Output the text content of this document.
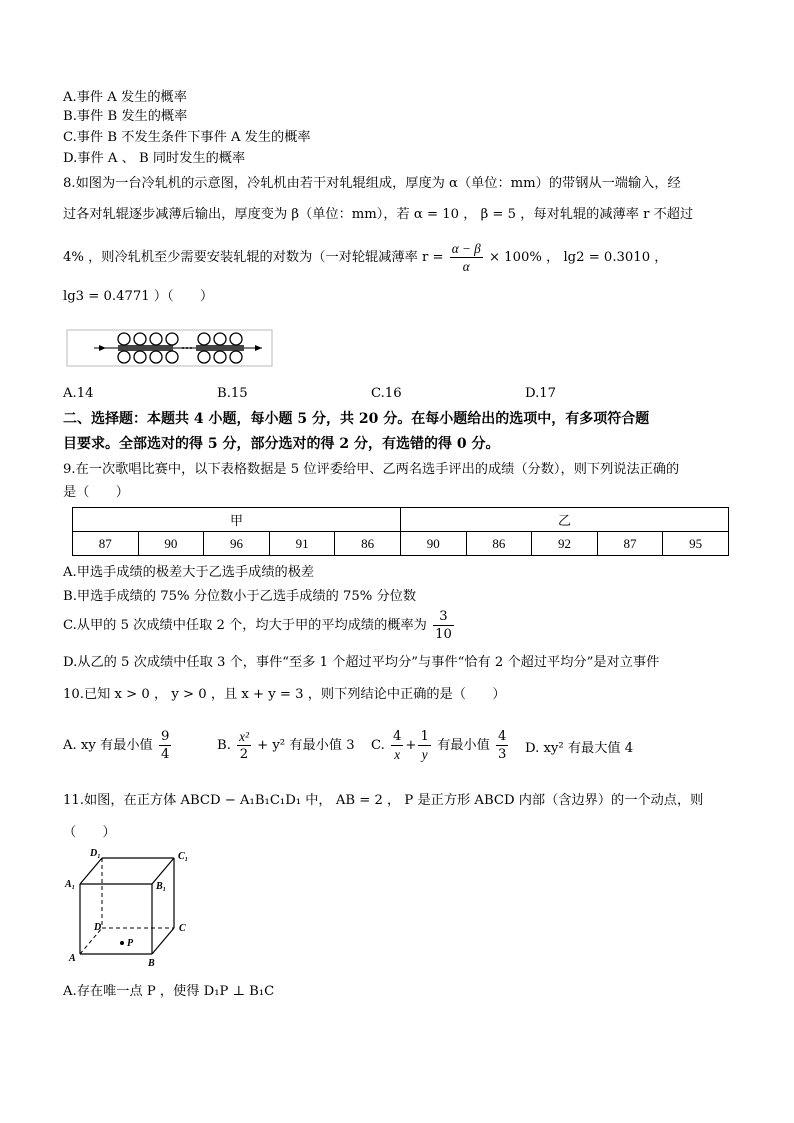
A.事件 A 发生的概率
B.事件 B 发生的概率
C.事件 B 不发生条件下事件 A 发生的概率
D.事件 A 、 B 同时发生的概率
8.如图为一台冷轧机的示意图，冷轧机由若干对轧辊组成，厚度为 α（单位：mm）的带钢从一端输入，经
过各对轧辊逐步减薄后输出，厚度变为 β（单位：mm），若 α = 10 ， β = 5 ，每对轧辊的减薄率 r 不超过
4% ，则冷轧机至少需要安装轧辊的对数为（一对轮辊减薄率 $r = \frac{\alpha - \beta}{\alpha} \times 100\%$ ， lg2 = 0.3010 ，
lg3 = 0.4771 ）（　　）
A.14	B.15	C.16	D.17
二、选择题：本题共 4 小题，每小题 5 分，共 20 分。在每小题给出的选项中，有多项符合题
目要求。全部选对的得 5 分，部分选对的得 2 分，有选错的得 0 分。
9.在一次歌唱比赛中，以下表格数据是 5 位评委给甲、乙两名选手评出的成绩（分数），则下列说法正确的
是（　　）
甲					乙				
87	90	96	91	86	90	86	92	87	95
A.甲选手成绩的极差大于乙选手成绩的极差
B.甲选手成绩的 75% 分位数小于乙选手成绩的 75% 分位数
C.从甲的 5 次成绩中任取 2 个，均大于甲的平均成绩的概率为 $\frac{3}{10}$
D.从乙的 5 次成绩中任取 3 个，事件“至多 1 个超过平均分”与事件“恰有 2 个超过平均分”是对立事件
10.已知 x > 0 ， y > 0 ，且 x + y = 3 ，则下列结论中正确的是（　　）
A. xy 有最小值 $\frac{9}{4}$	B. $\frac{\text{x²}}{2} + y^2$ 有最小值 3 C. $\frac{4}{x} + \frac{1}{y}$ 有最小值 $\frac{4}{3} D$. xy² 有最大值 4
11.如图，在正方体 ABCD − A₁B₁C₁D₁ 中， AB = 2 ， P 是正方形 ABCD 内部（含边界）的一个动点，则
（　　）
D₁	C₁
A₁	B₁
D	C
A	B
P
A.存在唯一点 P ，使得 D₁P ⊥ B₁C
